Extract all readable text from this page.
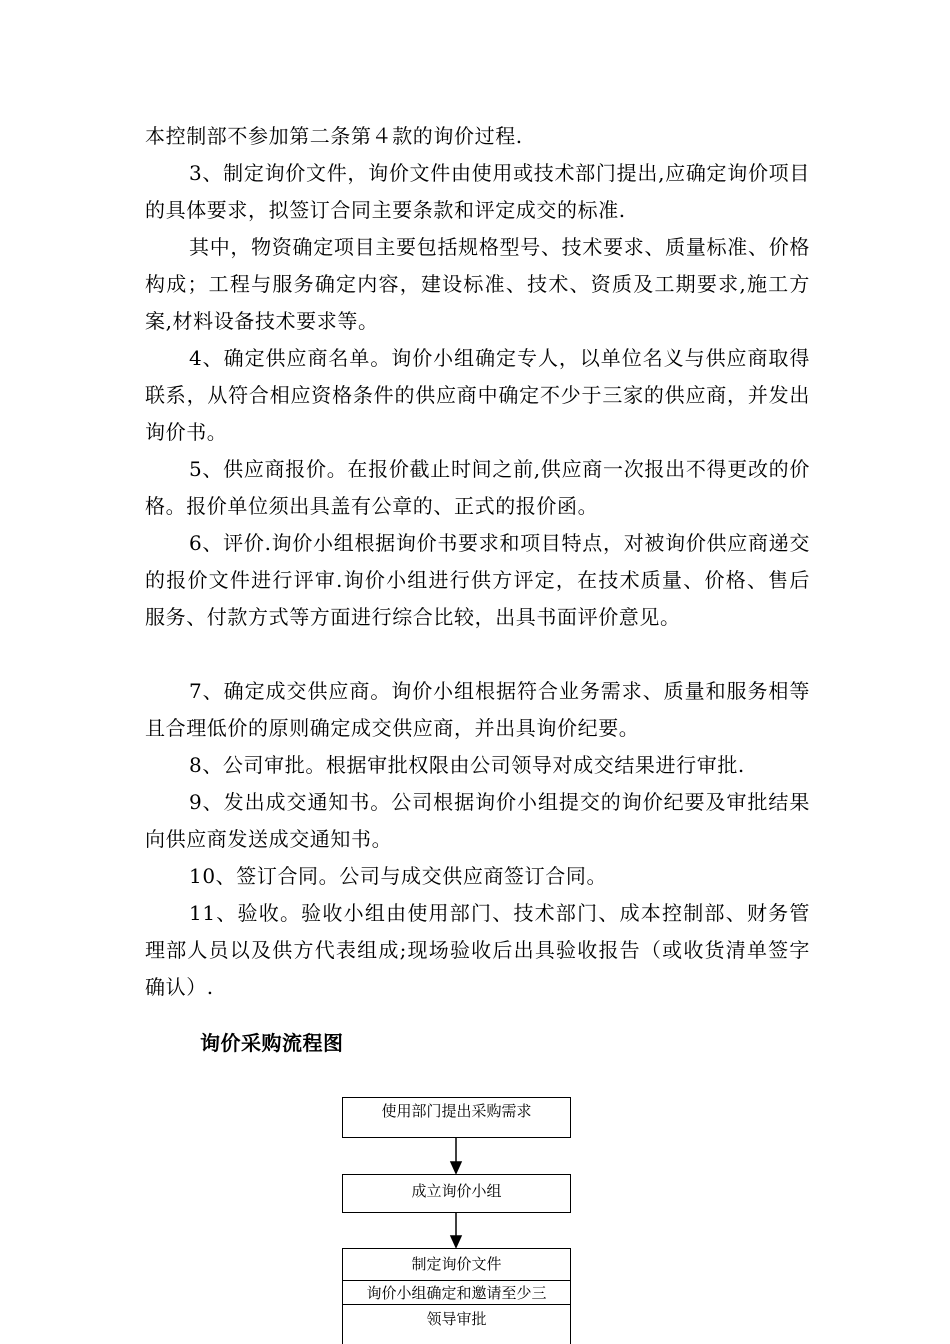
本控制部不参加第二条第４款的询价过程.

3、制定询价文件，询价文件由使用或技术部门提出,应确定询价项目的具体要求，拟签订合同主要条款和评定成交的标准.

其中，物资确定项目主要包括规格型号、技术要求、质量标准、价格构成；工程与服务确定内容，建设标准、技术、资质及工期要求,施工方案,材料设备技术要求等。

4、确定供应商名单。询价小组确定专人，以单位名义与供应商取得联系，从符合相应资格条件的供应商中确定不少于三家的供应商，并发出询价书。

5、供应商报价。在报价截止时间之前,供应商一次报出不得更改的价格。报价单位须出具盖有公章的、正式的报价函。

6、评价.询价小组根据询价书要求和项目特点，对被询价供应商递交的报价文件进行评审.询价小组进行供方评定，在技术质量、价格、售后服务、付款方式等方面进行综合比较，出具书面评价意见。

7、确定成交供应商。询价小组根据符合业务需求、质量和服务相等且合理低价的原则确定成交供应商，并出具询价纪要。

8、公司审批。根据审批权限由公司领导对成交结果进行审批.

9、发出成交通知书。公司根据询价小组提交的询价纪要及审批结果向供应商发送成交通知书。

10、签订合同。公司与成交供应商签订合同。

11、验收。验收小组由使用部门、技术部门、成本控制部、财务管理部人员以及供方代表组成;现场验收后出具验收报告（或收货清单签字确认）.

询价采购流程图
使用部门提出采购需求
成立询价小组
制定询价文件
询价小组确定和邀请至少三
领导审批
